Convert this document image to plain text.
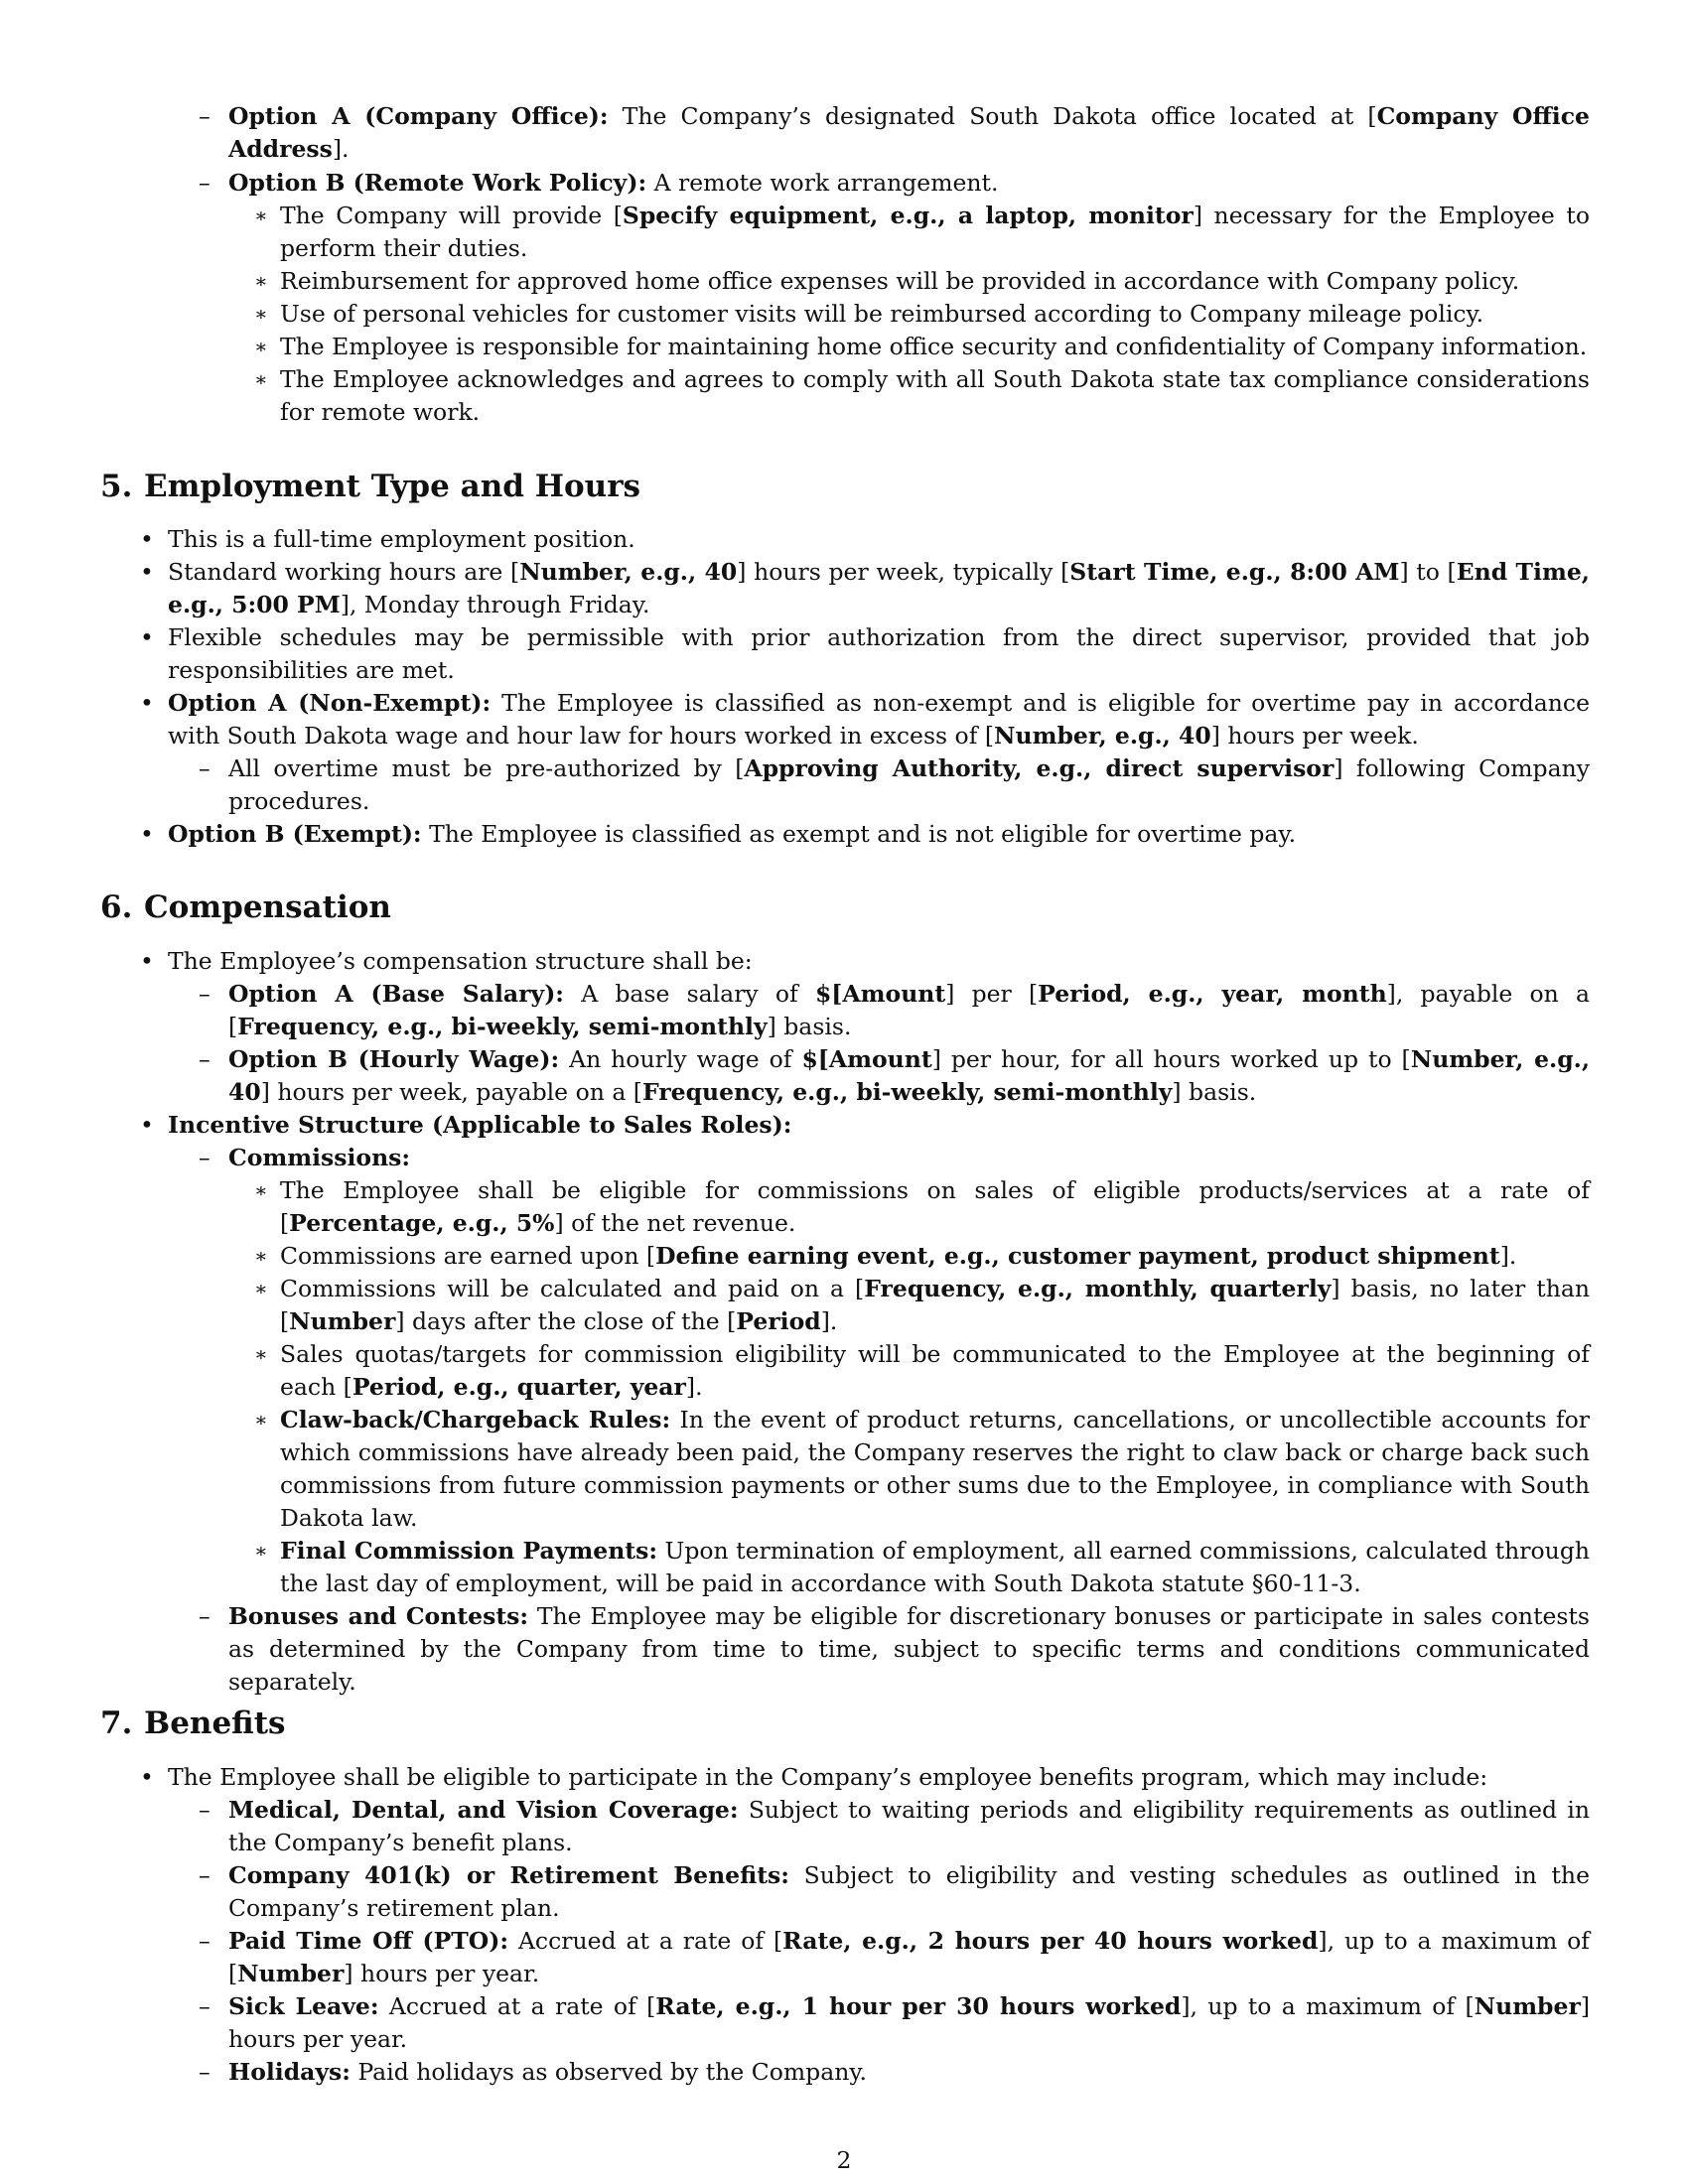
– Option A (Company Office): The Company’s designated South Dakota office located at [Company Office Address].
– Option B (Remote Work Policy): A remote work arrangement.
∗ The Company will provide [Specify equipment, e.g., a laptop, monitor] necessary for the Employee to perform their duties.
∗ Reimbursement for approved home office expenses will be provided in accordance with Company policy.
∗ Use of personal vehicles for customer visits will be reimbursed according to Company mileage policy.
∗ The Employee is responsible for maintaining home office security and confidentiality of Company information.
∗ The Employee acknowledges and agrees to comply with all South Dakota state tax compliance considerations for remote work.
5. Employment Type and Hours
• This is a full-time employment position.
• Standard working hours are [Number, e.g., 40] hours per week, typically [Start Time, e.g., 8:00 AM] to [End Time, e.g., 5:00 PM], Monday through Friday.
• Flexible schedules may be permissible with prior authorization from the direct supervisor, provided that job responsibilities are met.
• Option A (Non-Exempt): The Employee is classified as non-exempt and is eligible for overtime pay in accordance with South Dakota wage and hour law for hours worked in excess of [Number, e.g., 40] hours per week.
– All overtime must be pre-authorized by [Approving Authority, e.g., direct supervisor] following Company procedures.
• Option B (Exempt): The Employee is classified as exempt and is not eligible for overtime pay.
6. Compensation
• The Employee’s compensation structure shall be:
– Option A (Base Salary): A base salary of $[Amount] per [Period, e.g., year, month], payable on a [Frequency, e.g., bi-weekly, semi-monthly] basis.
– Option B (Hourly Wage): An hourly wage of $[Amount] per hour, for all hours worked up to [Number, e.g., 40] hours per week, payable on a [Frequency, e.g., bi-weekly, semi-monthly] basis.
• Incentive Structure (Applicable to Sales Roles):
– Commissions:
∗ The Employee shall be eligible for commissions on sales of eligible products/services at a rate of [Percentage, e.g., 5%] of the net revenue.
∗ Commissions are earned upon [Define earning event, e.g., customer payment, product shipment].
∗ Commissions will be calculated and paid on a [Frequency, e.g., monthly, quarterly] basis, no later than [Number] days after the close of the [Period].
∗ Sales quotas/targets for commission eligibility will be communicated to the Employee at the beginning of each [Period, e.g., quarter, year].
∗ Claw-back/Chargeback Rules: In the event of product returns, cancellations, or uncollectible accounts for which commissions have already been paid, the Company reserves the right to claw back or charge back such commissions from future commission payments or other sums due to the Employee, in compliance with South Dakota law.
∗ Final Commission Payments: Upon termination of employment, all earned commissions, calculated through the last day of employment, will be paid in accordance with South Dakota statute §60-11-3.
– Bonuses and Contests: The Employee may be eligible for discretionary bonuses or participate in sales contests as determined by the Company from time to time, subject to specific terms and conditions communicated separately.
7. Benefits
• The Employee shall be eligible to participate in the Company’s employee benefits program, which may include:
– Medical, Dental, and Vision Coverage: Subject to waiting periods and eligibility requirements as outlined in the Company’s benefit plans.
– Company 401(k) or Retirement Benefits: Subject to eligibility and vesting schedules as outlined in the Company’s retirement plan.
– Paid Time Off (PTO): Accrued at a rate of [Rate, e.g., 2 hours per 40 hours worked], up to a maximum of [Number] hours per year.
– Sick Leave: Accrued at a rate of [Rate, e.g., 1 hour per 30 hours worked], up to a maximum of [Number] hours per year.
– Holidays: Paid holidays as observed by the Company.
2
